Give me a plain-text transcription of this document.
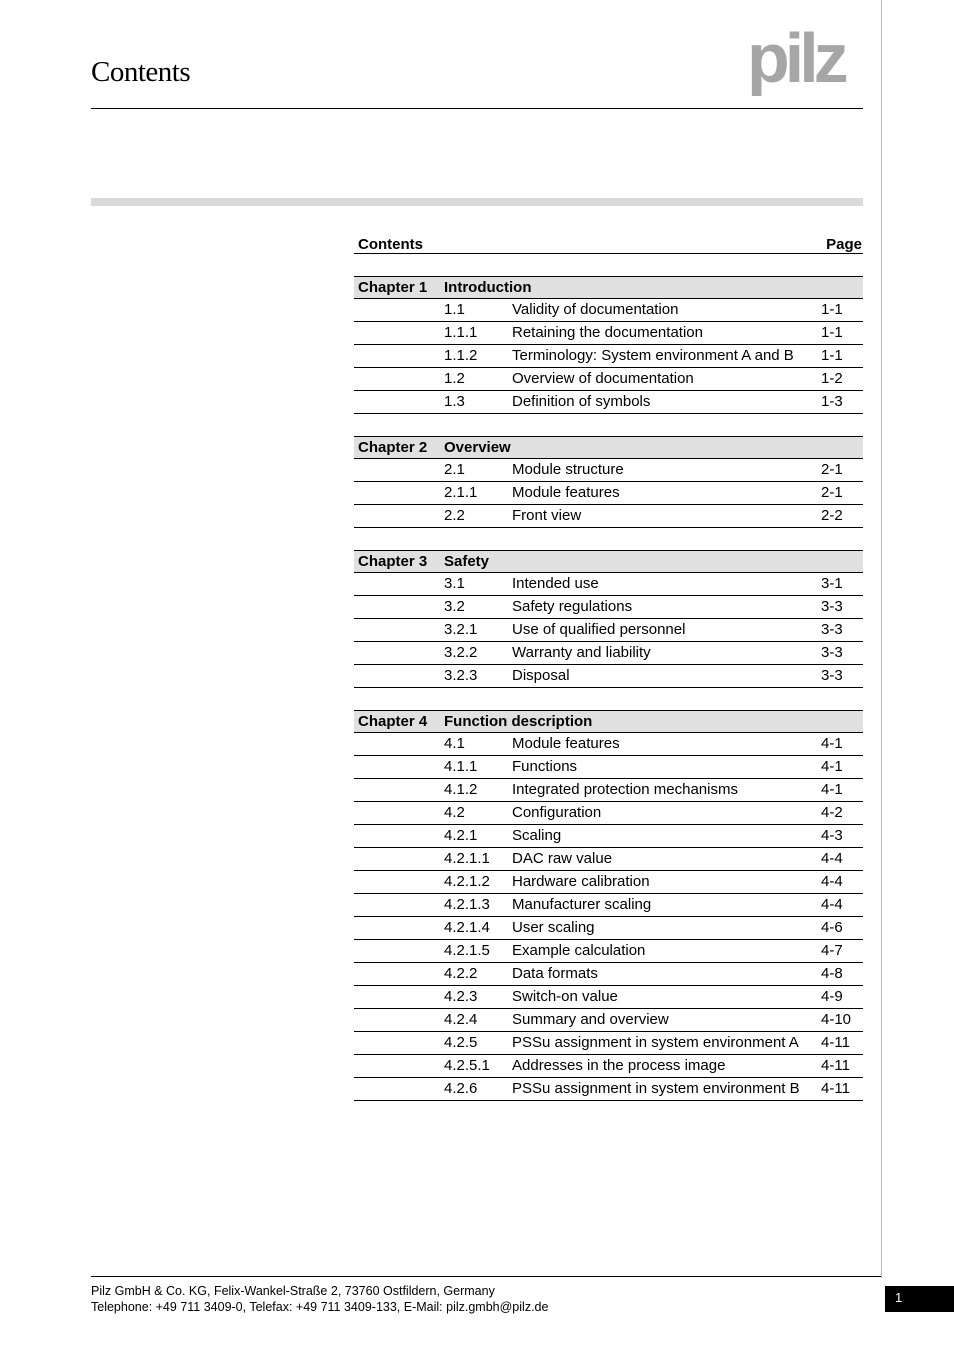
Contents	pilz
Contents	Page
Chapter 1	Introduction
1.1	Validity of documentation	1-1
1.1.1	Retaining the documentation	1-1
1.1.2	Terminology: System environment A and B	1-1
1.2	Overview of documentation	1-2
1.3	Definition of symbols	1-3
Chapter 2	Overview
2.1	Module structure	2-1
2.1.1	Module features	2-1
2.2	Front view	2-2
Chapter 3	Safety
3.1	Intended use	3-1
3.2	Safety regulations	3-3
3.2.1	Use of qualified personnel	3-3
3.2.2	Warranty and liability	3-3
3.2.3	Disposal	3-3
Chapter 4	Function description
4.1	Module features	4-1
4.1.1	Functions	4-1
4.1.2	Integrated protection mechanisms	4-1
4.2	Configuration	4-2
4.2.1	Scaling	4-3
4.2.1.1	DAC raw value	4-4
4.2.1.2	Hardware calibration	4-4
4.2.1.3	Manufacturer scaling	4-4
4.2.1.4	User scaling	4-6
4.2.1.5	Example calculation	4-7
4.2.2	Data formats	4-8
4.2.3	Switch-on value	4-9
4.2.4	Summary and overview	4-10
4.2.5	PSSu assignment in system environment A	4-11
4.2.5.1	Addresses in the process image	4-11
4.2.6	PSSu assignment in system environment B	4-11
Pilz GmbH & Co. KG, Felix-Wankel-Straße 2, 73760 Ostfildern, Germany
Telephone: +49 711 3409-0, Telefax: +49 711 3409-133, E-Mail: pilz.gmbh@pilz.de
1
